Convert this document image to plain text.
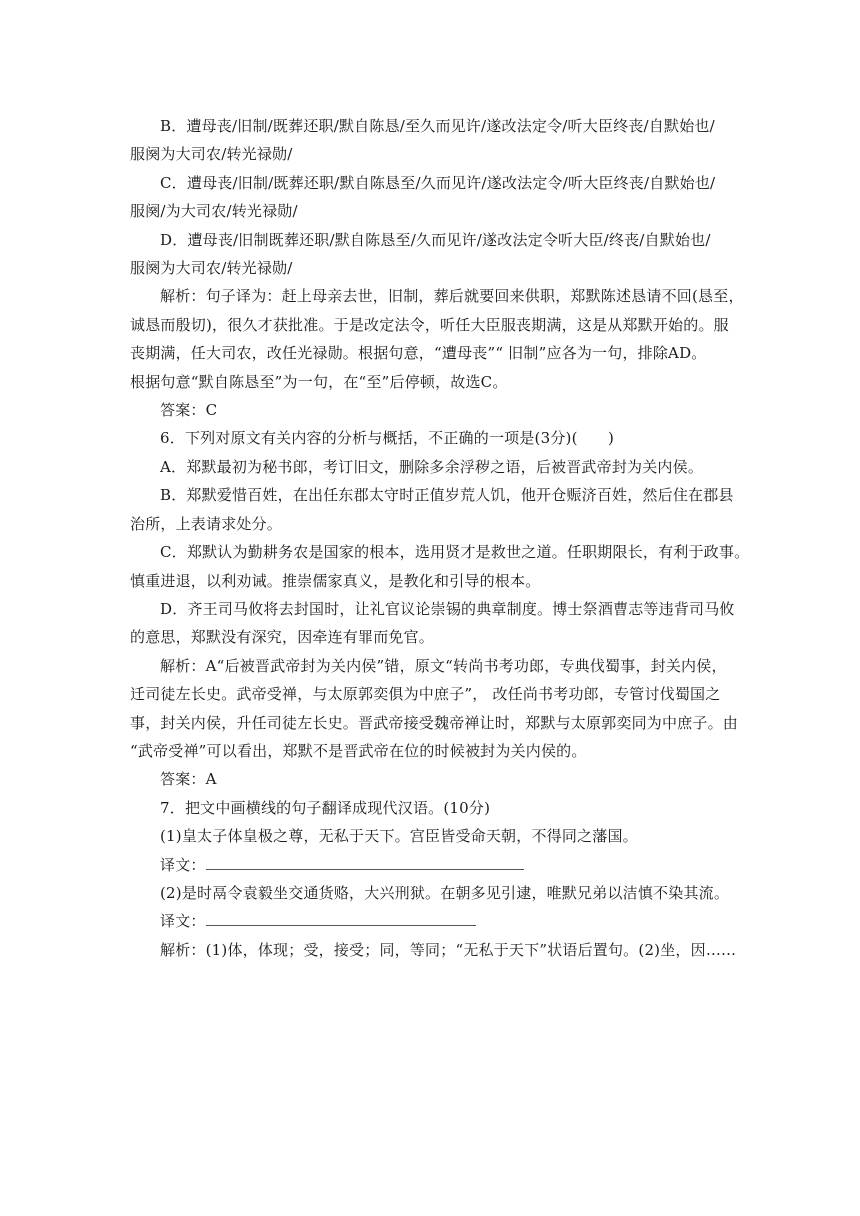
B．遭母丧/旧制/既葬还职/默自陈恳/至久而见许/遂改法定令/听大臣终丧/自默始也/
服阕为大司农/转光禄勋/

C．遭母丧/旧制/既葬还职/默自陈恳至/久而见许/遂改法定令/听大臣终丧/自默始也/
服阕/为大司农/转光禄勋/

D．遭母丧/旧制既葬还职/默自陈恳至/久而见许/遂改法定令听大臣/终丧/自默始也/
服阕为大司农/转光禄勋/

解析：句子译为：赶上母亲去世，旧制，葬后就要回来供职，郑默陈述恳请不回(恳至，
诚恳而殷切)，很久才获批准。于是改定法令，听任大臣服丧期满，这是从郑默开始的。服
丧期满，任大司农，改任光禄勋。根据句意，“遭母丧”“ 旧制”应各为一句，排除AD。
根据句意“默自陈恳至”为一句，在“至”后停顿，故选C。

答案：C

6．下列对原文有关内容的分析与概括，不正确的一项是(3分)(　　)

A．郑默最初为秘书郎，考订旧文，删除多余浮秽之语，后被晋武帝封为关内侯。

B．郑默爱惜百姓，在出任东郡太守时正值岁荒人饥，他开仓赈济百姓，然后住在郡县
治所，上表请求处分。

C．郑默认为勤耕务农是国家的根本，选用贤才是救世之道。任职期限长，有利于政事。
慎重进退，以利劝诫。推崇儒家真义，是教化和引导的根本。

D．齐王司马攸将去封国时，让礼官议论崇锡的典章制度。博士祭酒曹志等违背司马攸
的意思，郑默没有深究，因牵连有罪而免官。

解析：A“后被晋武帝封为关内侯”错，原文“转尚书考功郎，专典伐蜀事，封关内侯，
迁司徒左长史。武帝受禅，与太原郭奕俱为中庶子”， 改任尚书考功郎，专管讨伐蜀国之
事，封关内侯，升任司徒左长史。晋武帝接受魏帝禅让时，郑默与太原郭奕同为中庶子。由
“武帝受禅”可以看出，郑默不是晋武帝在位的时候被封为关内侯的。

答案：A

7．把文中画横线的句子翻译成现代汉语。(10分)

(1)皇太子体皇极之尊，无私于天下。宫臣皆受命天朝，不得同之藩国。

译文：

(2)是时鬲令袁毅坐交通货赂，大兴刑狱。在朝多见引逮，唯默兄弟以洁慎不染其流。

译文：

解析：(1)体，体现；受，接受；同，等同；“无私于天下”状语后置句。(2)坐，因……
